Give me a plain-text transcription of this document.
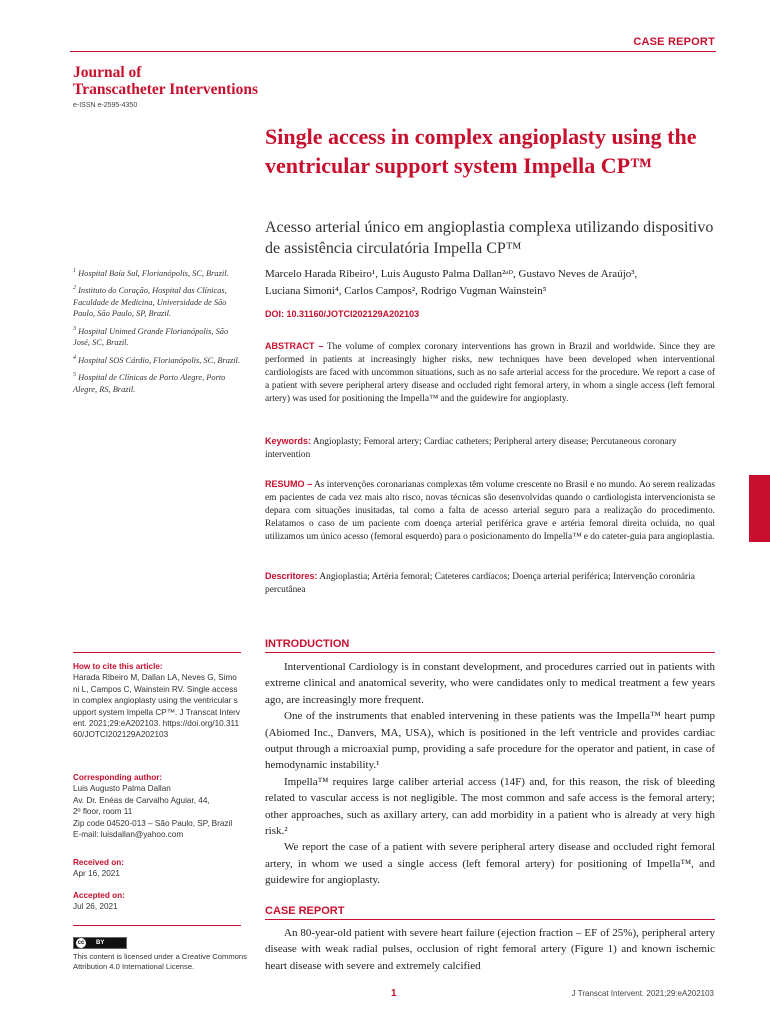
CASE REPORT
Journal of
Transcatheter Interventions
e-ISSN e-2595-4350
Single access in complex angioplasty using the ventricular support system Impella CP™
Acesso arterial único em angioplastia complexa utilizando dispositivo de assistência circulatória Impella CP™
Marcelo Harada Ribeiro¹, Luis Augusto Palma Dallan²ᵃᴰ, Gustavo Neves de Araújo³,
Luciana Simoni⁴, Carlos Campos², Rodrigo Vugman Wainstein⁵
DOI: 10.31160/JOTCI202129A202103
ABSTRACT – The volume of complex coronary interventions has grown in Brazil and worldwide. Since they are performed in patients at increasingly higher risks, new techniques have been developed when interventional cardiologists are faced with uncommon situations, such as no safe arterial access for the procedure. We report a case of a patient with severe peripheral artery disease and occluded right femoral artery, in whom a single access (left femoral artery) was used for positioning the Impella™ and the guidewire for angioplasty.
Keywords: Angioplasty; Femoral artery; Cardiac catheters; Peripheral artery disease; Percutaneous coronary intervention
RESUMO – As intervenções coronarianas complexas têm volume crescente no Brasil e no mundo. Ao serem realizadas em pacientes de cada vez mais alto risco, novas técnicas são desenvolvidas quando o cardiologista intervencionista se depara com situações inusitadas, tal como a falta de acesso arterial seguro para a realização do procedimento. Relatamos o caso de um paciente com doença arterial periférica grave e artéria femoral direita ocluída, no qual utilizamos um único acesso (femoral esquerdo) para o posicionamento do Impella™ e do cateter-guia para angioplastia.
Descritores: Angioplastia; Artéria femoral; Cateteres cardíacos; Doença arterial periférica; Intervenção coronária percutânea
$^1$ Hospital Baía Sul, Florianópolis, SC, Brazil.
$^2$ Instituto do Coração, Hospital das Clínicas, Faculdade de Medicina, Universidade de São Paulo, São Paulo, SP, Brazil.
$^3$ Hospital Unimed Grande Florianópolis, São José, SC, Brazil.
$^4$ Hospital SOS Cárdio, Florianópolis, SC, Brazil.
$^5$ Hospital de Clínicas de Porto Alegre, Porto Alegre, RS, Brazil.
How to cite this article:
Harada Ribeiro M, Dallan LA, Neves G, Simoni L, Campos C, Wainstein RV. Single access in complex angioplasty using the ventricular support system Impella CP™. J Transcat Intervent. 2021;29:eA202103. https://doi.org/10.31160/JOTCI202129A202103
Corresponding author:
Luis Augusto Palma Dallan
Av. Dr. Enéas de Carvalho Aguiar, 44,
2º floor, room 11
Zip code 04520-013 – São Paulo, SP, Brazil
E-mail: luisdallan@yahoo.com
Received on:
Apr 16, 2021
Accepted on:
Jul 26, 2021
cc BY
This content is licensed under a Creative Commons Attribution 4.0 International License.
INTRODUCTION

Interventional Cardiology is in constant development, and procedures carried out in patients with extreme clinical and anatomical severity, who were candidates only to medical treatment a few years ago, are increasingly more frequent.

One of the instruments that enabled intervening in these patients was the Impella™ heart pump (Abiomed Inc., Danvers, MA, USA), which is positioned in the left ventricle and provides cardiac output through a microaxial pump, providing a safe procedure for the operator and patient, in case of hemodynamic instability.¹

Impella™ requires large caliber arterial access (14F) and, for this reason, the risk of bleeding related to vascular access is not negligible. The most common and safe access is the femoral artery; other approaches, such as axillary artery, can add morbidity in a patient who is already at very high risk.²

We report the case of a patient with severe peripheral artery disease and occluded right femoral artery, in whom we used a single access (left femoral artery) for positioning of Impella™, and guidewire for angioplasty.

CASE REPORT

An 80-year-old patient with severe heart failure (ejection fraction – EF of 25%), peripheral artery disease with weak radial pulses, occlusion of right femoral artery (Figure 1) and known ischemic heart disease with severe and extremely calcified

1	J Transcat Intervent. 2021;29:eA202103
